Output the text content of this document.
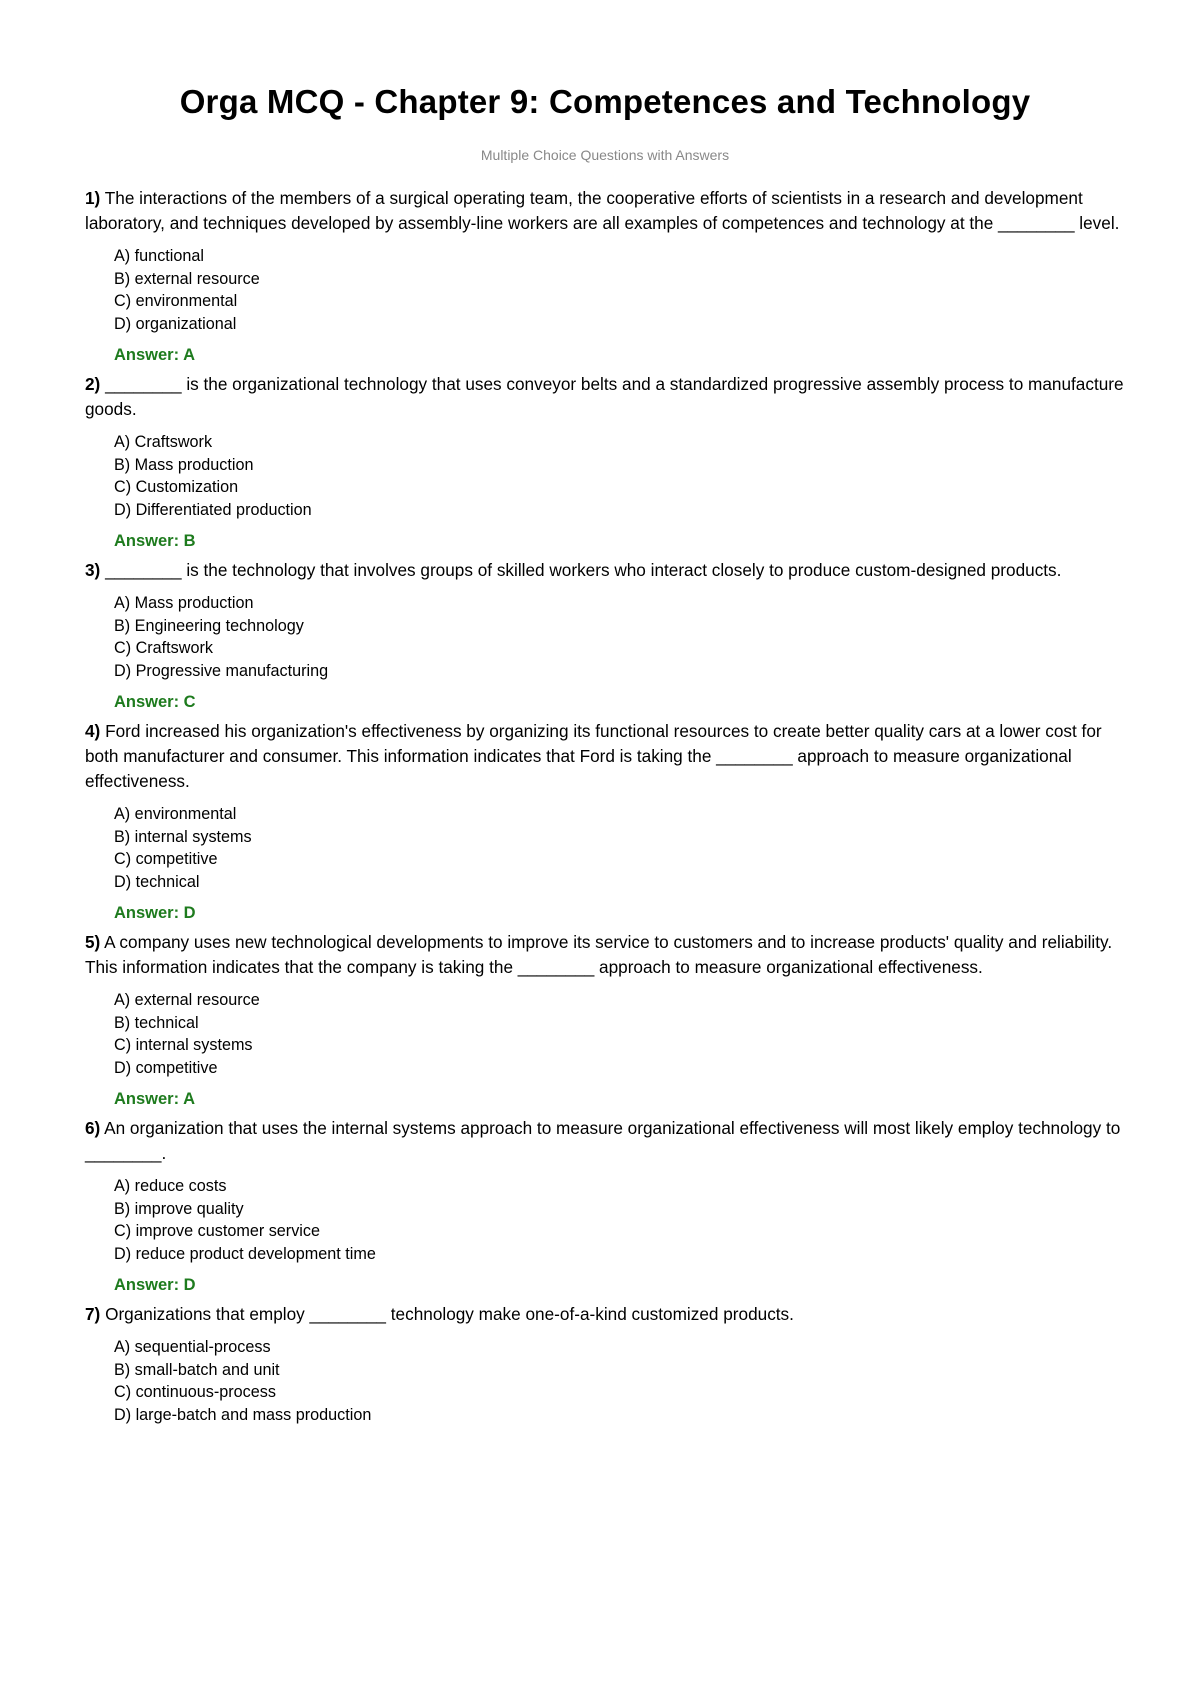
Orga MCQ - Chapter 9: Competences and Technology
Multiple Choice Questions with Answers

1) The interactions of the members of a surgical operating team, the cooperative efforts of scientists in a research and development laboratory, and techniques developed by assembly-line workers are all examples of competences and technology at the ________ level.

A) functional
B) external resource
C) environmental
D) organizational
Answer: A

2) ________ is the organizational technology that uses conveyor belts and a standardized progressive assembly process to manufacture goods.

A) Craftswork
B) Mass production
C) Customization
D) Differentiated production
Answer: B

3) ________ is the technology that involves groups of skilled workers who interact closely to produce custom-designed products.

A) Mass production
B) Engineering technology
C) Craftswork
D) Progressive manufacturing
Answer: C

4) Ford increased his organization's effectiveness by organizing its functional resources to create better quality cars at a lower cost for both manufacturer and consumer. This information indicates that Ford is taking the ________ approach to measure organizational effectiveness.

A) environmental
B) internal systems
C) competitive
D) technical
Answer: D

5) A company uses new technological developments to improve its service to customers and to increase products' quality and reliability. This information indicates that the company is taking the ________ approach to measure organizational effectiveness.

A) external resource
B) technical
C) internal systems
D) competitive
Answer: A

6) An organization that uses the internal systems approach to measure organizational effectiveness will most likely employ technology to ________.

A) reduce costs
B) improve quality
C) improve customer service
D) reduce product development time
Answer: D

7) Organizations that employ ________ technology make one-of-a-kind customized products.

A) sequential-process
B) small-batch and unit
C) continuous-process
D) large-batch and mass production
